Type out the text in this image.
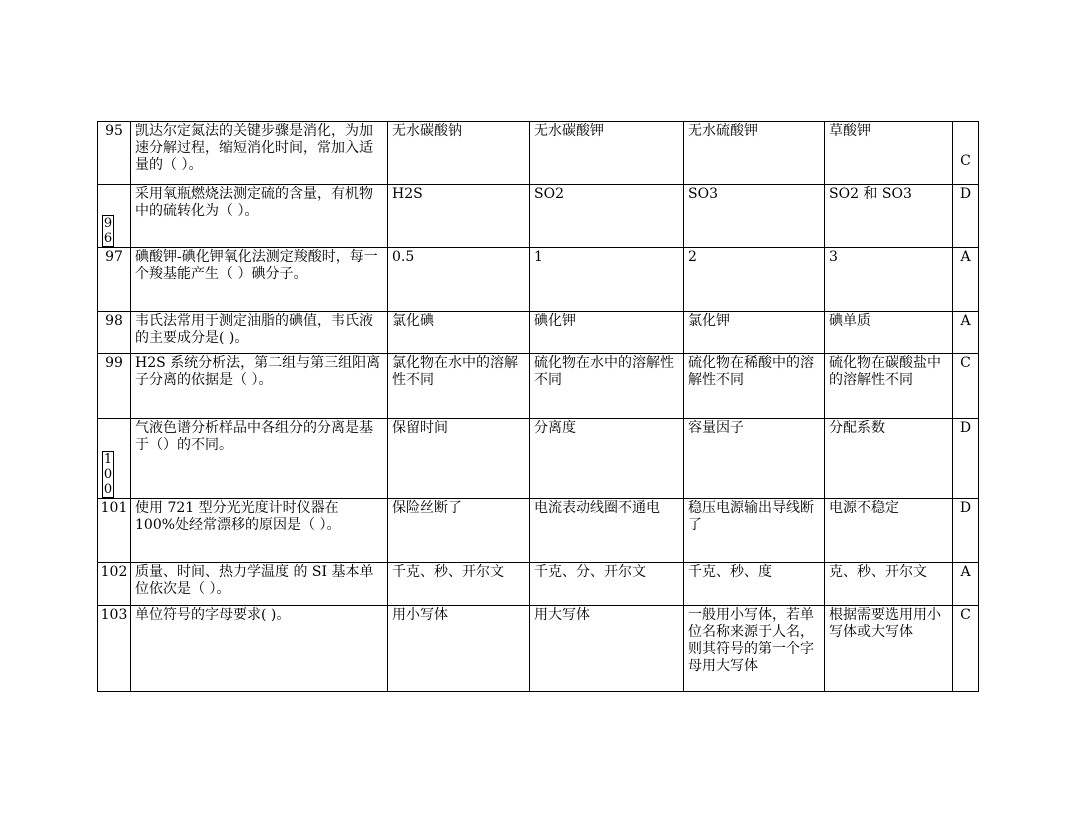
95	凯达尔定氮法的关键步骤是消化，为加速分解过程，缩短消化时间，常加入适量的（ ）。	无水碳酸钠	无水碳酸钾	无水硫酸钾	草酸钾	C
96	采用氧瓶燃烧法测定硫的含量，有机物中的硫转化为（ ）。	H2S	SO2	SO3	SO2 和 SO3	D
97	碘酸钾-碘化钾氧化法测定羧酸时，每一个羧基能产生（ ）碘分子。	0.5	1	2	3	A
98	韦氏法常用于测定油脂的碘值，韦氏液的主要成分是( )。	氯化碘	碘化钾	氯化钾	碘单质	A
99	H2S 系统分析法，第二组与第三组阳离子分离的依据是（ ）。	氯化物在水中的溶解性不同	硫化物在水中的溶解性不同	硫化物在稀酸中的溶解性不同	硫化物在碳酸盐中的溶解性不同	C
100	气液色谱分析样品中各组分的分离是基于（）的不同。	保留时间	分离度	容量因子	分配系数	D
101	使用 721 型分光光度计时仪器在 100%处经常漂移的原因是（ ）。	保险丝断了	电流表动线圈不通电	稳压电源输出导线断了	电源不稳定	D
102	质量、时间、热力学温度 的 SI 基本单位依次是（ ）。	千克、秒、开尔文	千克、分、开尔文	千克、秒、度	克、秒、开尔文	A
103	单位符号的字母要求( )。	用小写体	用大写体	一般用小写体，若单位名称来源于人名，则其符号的第一个字母用大写体	根据需要选用用小写体或大写体	C
